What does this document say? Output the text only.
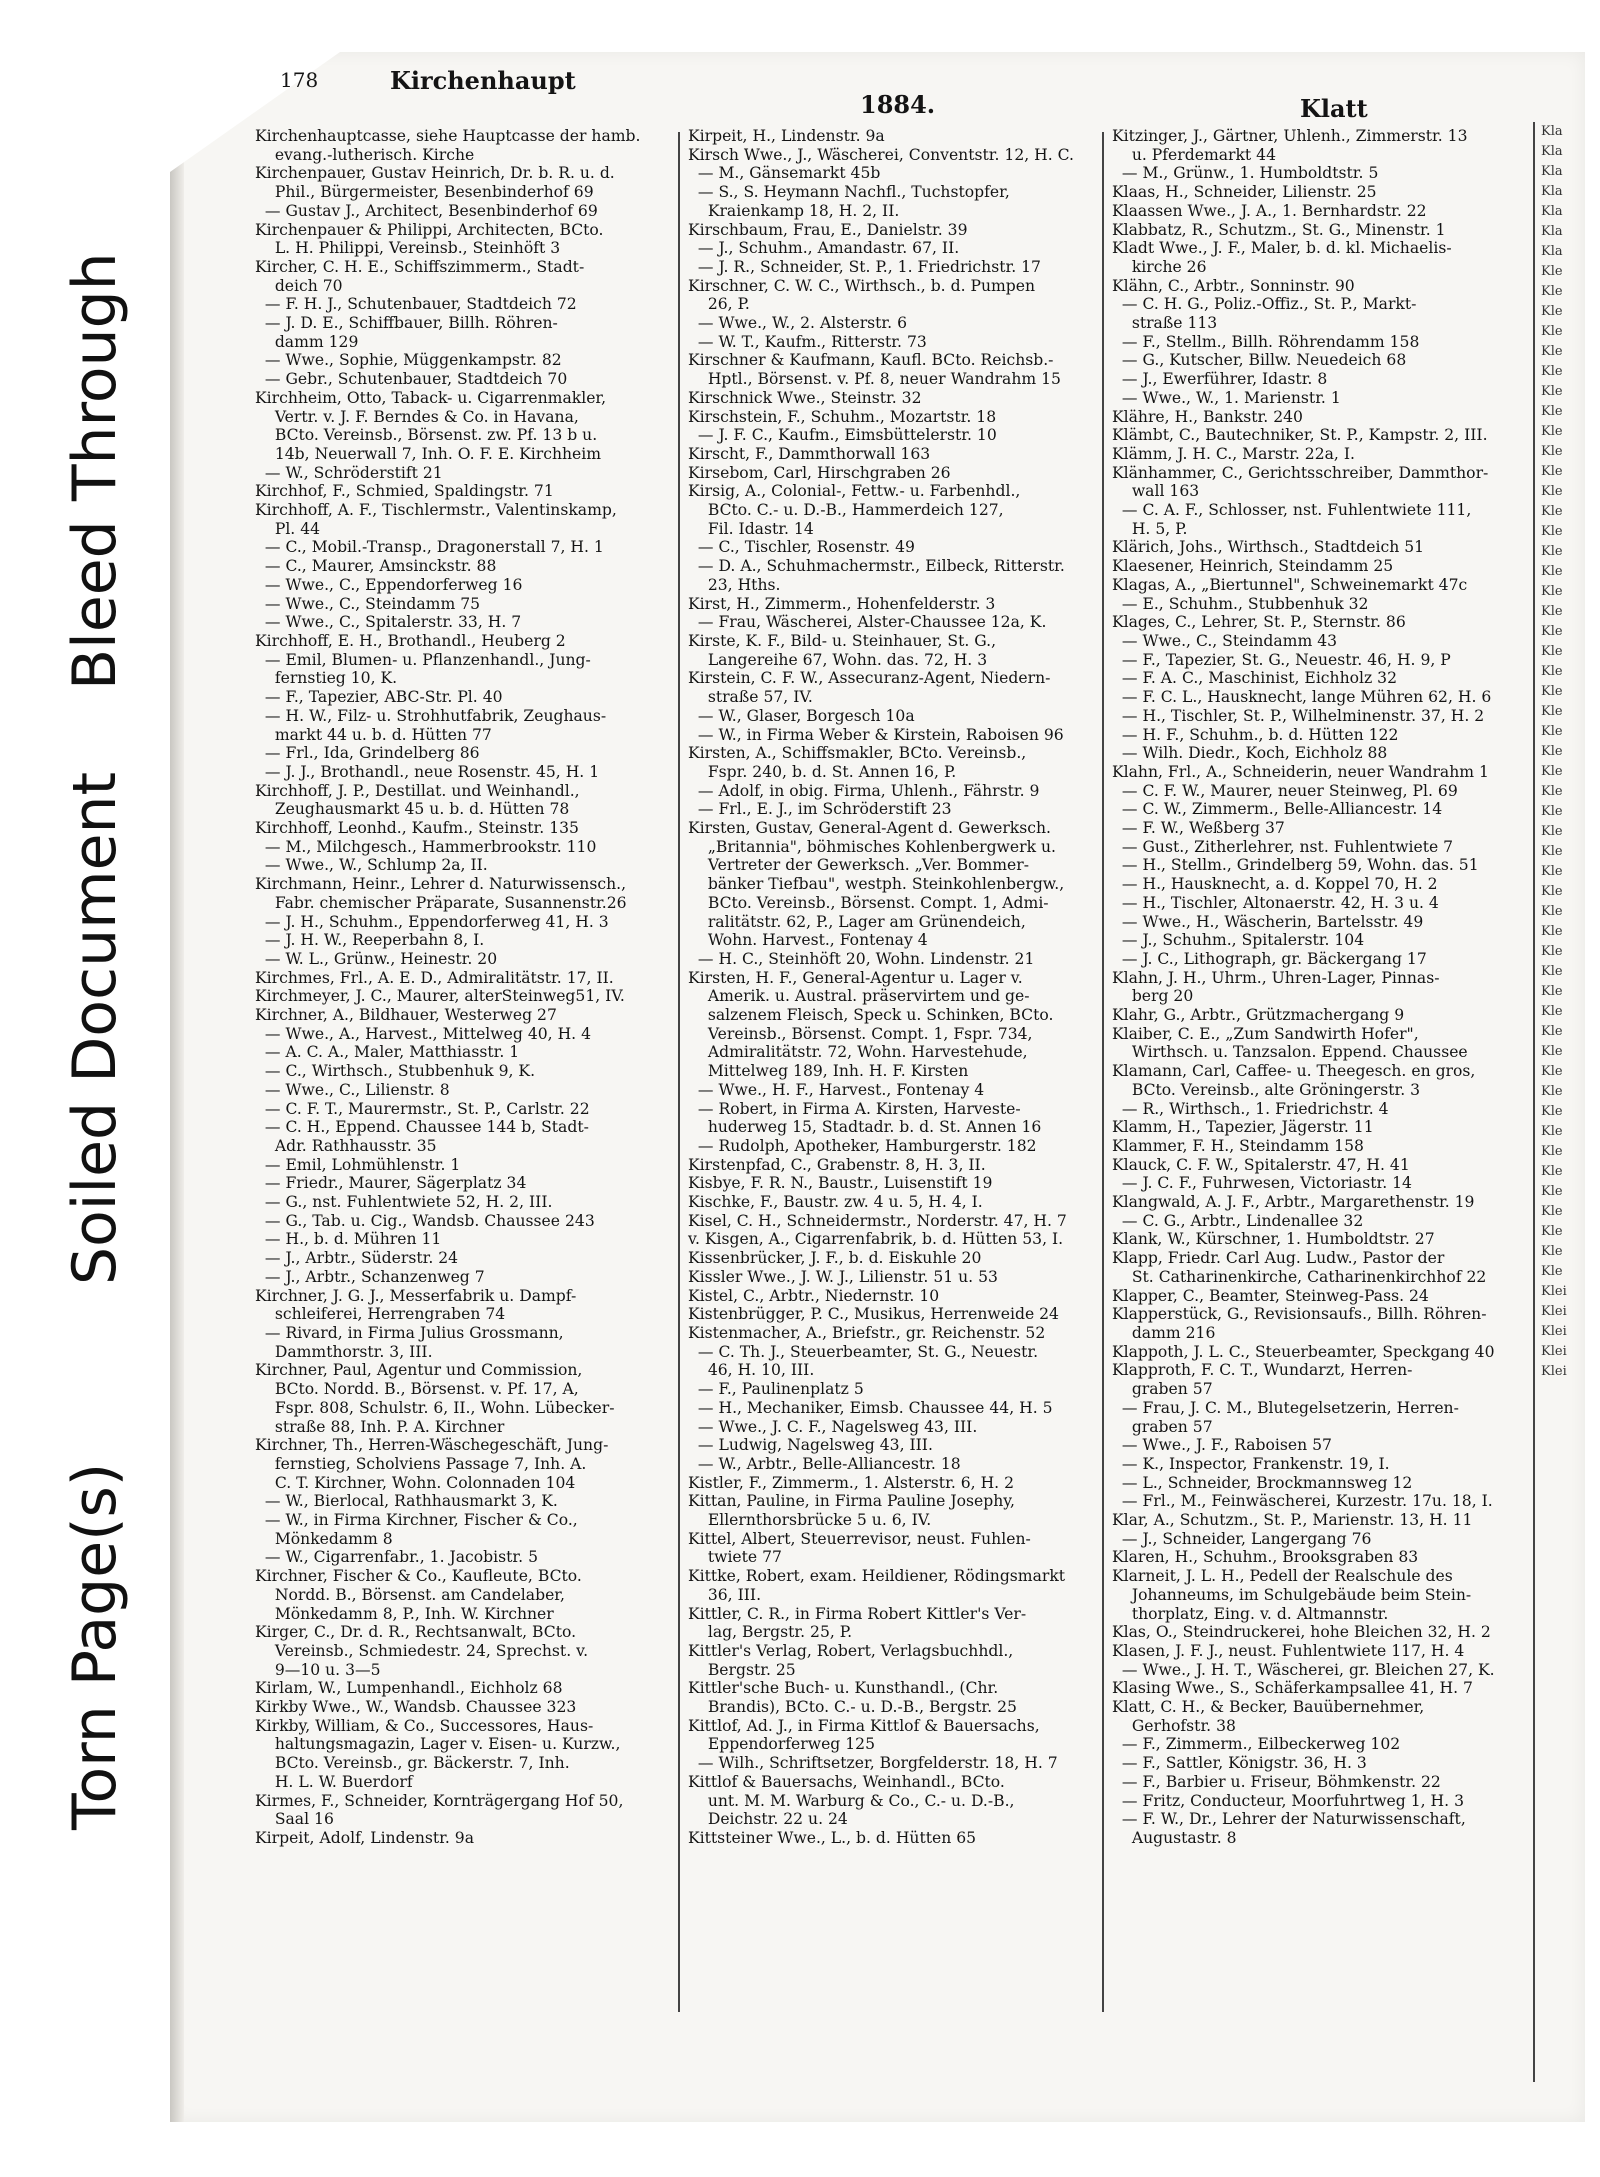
Torn Page(s)
Soiled Document
Bleed Through
178	Kirchenhaupt
1884.	Klatt

Kirchenhauptcasse, siehe Hauptcasse der hamb.

evang.-lutherisch. Kirche

Kirchenpauer, Gustav Heinrich, Dr. b. R. u. d.

Phil., Bürgermeister, Besenbinderhof 69

— Gustav J., Architect, Besenbinderhof 69

Kirchenpauer & Philippi, Architecten, BCto.

L. H. Philippi, Vereinsb., Steinhöft 3

Kircher, C. H. E., Schiffszimmerm., Stadt-

deich 70

— F. H. J., Schutenbauer, Stadtdeich 72

— J. D. E., Schiffbauer, Billh. Röhren-

damm 129

— Wwe., Sophie, Müggenkampstr. 82

— Gebr., Schutenbauer, Stadtdeich 70

Kirchheim, Otto, Taback- u. Cigarrenmakler,

Vertr. v. J. F. Berndes & Co. in Havana,

BCto. Vereinsb., Börsenst. zw. Pf. 13 b u.

14b, Neuerwall 7, Inh. O. F. E. Kirchheim

— W., Schröderstift 21

Kirchhof, F., Schmied, Spaldingstr. 71

Kirchhoff, A. F., Tischlermstr., Valentinskamp,

Pl. 44

— C., Mobil.-Transp., Dragonerstall 7, H. 1

— C., Maurer, Amsinckstr. 88

— Wwe., C., Eppendorferweg 16

— Wwe., C., Steindamm 75

— Wwe., C., Spitalerstr. 33, H. 7

Kirchhoff, E. H., Brothandl., Heuberg 2

— Emil, Blumen- u. Pflanzenhandl., Jung-

fernstieg 10, K.

— F., Tapezier, ABC-Str. Pl. 40

— H. W., Filz- u. Strohhutfabrik, Zeughaus-

markt 44 u. b. d. Hütten 77

— Frl., Ida, Grindelberg 86

— J. J., Brothandl., neue Rosenstr. 45, H. 1

Kirchhoff, J. P., Destillat. und Weinhandl.,

Zeughausmarkt 45 u. b. d. Hütten 78

Kirchhoff, Leonhd., Kaufm., Steinstr. 135

— M., Milchgesch., Hammerbrookstr. 110

— Wwe., W., Schlump 2a, II.

Kirchmann, Heinr., Lehrer d. Naturwissensch.,

Fabr. chemischer Präparate, Susannenstr.26

— J. H., Schuhm., Eppendorferweg 41, H. 3

— J. H. W., Reeperbahn 8, I.

— W. L., Grünw., Heinestr. 20

Kirchmes, Frl., A. E. D., Admiralitätstr. 17, II.

Kirchmeyer, J. C., Maurer, alterSteinweg51, IV.

Kirchner, A., Bildhauer, Westerweg 27

— Wwe., A., Harvest., Mittelweg 40, H. 4

— A. C. A., Maler, Matthiasstr. 1

— C., Wirthsch., Stubbenhuk 9, K.

— Wwe., C., Lilienstr. 8

— C. F. T., Maurermstr., St. P., Carlstr. 22

— C. H., Eppend. Chaussee 144 b, Stadt-

Adr. Rathhausstr. 35

— Emil, Lohmühlenstr. 1

— Friedr., Maurer, Sägerplatz 34

— G., nst. Fuhlentwiete 52, H. 2, III.

— G., Tab. u. Cig., Wandsb. Chaussee 243

— H., b. d. Mühren 11

— J., Arbtr., Süderstr. 24

— J., Arbtr., Schanzenweg 7

Kirchner, J. G. J., Messerfabrik u. Dampf-

schleiferei, Herrengraben 74

— Rivard, in Firma Julius Grossmann,

Dammthorstr. 3, III.

Kirchner, Paul, Agentur und Commission,

BCto. Nordd. B., Börsenst. v. Pf. 17, A,

Fspr. 808, Schulstr. 6, II., Wohn. Lübecker-

straße 88, Inh. P. A. Kirchner

Kirchner, Th., Herren-Wäschegeschäft, Jung-

fernstieg, Scholviens Passage 7, Inh. A.

C. T. Kirchner, Wohn. Colonnaden 104

— W., Bierlocal, Rathhausmarkt 3, K.

— W., in Firma Kirchner, Fischer & Co.,

Mönkedamm 8

— W., Cigarrenfabr., 1. Jacobistr. 5

Kirchner, Fischer & Co., Kaufleute, BCto.

Nordd. B., Börsenst. am Candelaber,

Mönkedamm 8, P., Inh. W. Kirchner

Kirger, C., Dr. d. R., Rechtsanwalt, BCto.

Vereinsb., Schmiedestr. 24, Sprechst. v.

9—10 u. 3—5

Kirlam, W., Lumpenhandl., Eichholz 68

Kirkby Wwe., W., Wandsb. Chaussee 323

Kirkby, William, & Co., Successores, Haus-

haltungsmagazin, Lager v. Eisen- u. Kurzw.,

BCto. Vereinsb., gr. Bäckerstr. 7, Inh.

H. L. W. Buerdorf

Kirmes, F., Schneider, Kornträgergang Hof 50,

Saal 16

Kirpeit, Adolf, Lindenstr. 9a

Kirpeit, H., Lindenstr. 9a

Kirsch Wwe., J., Wäscherei, Conventstr. 12, H. C.

— M., Gänsemarkt 45b

— S., S. Heymann Nachfl., Tuchstopfer,

Kraienkamp 18, H. 2, II.

Kirschbaum, Frau, E., Danielstr. 39

— J., Schuhm., Amandastr. 67, II.

— J. R., Schneider, St. P., 1. Friedrichstr. 17

Kirschner, C. W. C., Wirthsch., b. d. Pumpen

26, P.

— Wwe., W., 2. Alsterstr. 6

— W. T., Kaufm., Ritterstr. 73

Kirschner & Kaufmann, Kaufl. BCto. Reichsb.-

Hptl., Börsenst. v. Pf. 8, neuer Wandrahm 15

Kirschnick Wwe., Steinstr. 32

Kirschstein, F., Schuhm., Mozartstr. 18

— J. F. C., Kaufm., Eimsbüttelerstr. 10

Kirscht, F., Dammthorwall 163

Kirsebom, Carl, Hirschgraben 26

Kirsig, A., Colonial-, Fettw.- u. Farbenhdl.,

BCto. C.- u. D.-B., Hammerdeich 127,

Fil. Idastr. 14

— C., Tischler, Rosenstr. 49

— D. A., Schuhmachermstr., Eilbeck, Ritterstr.

23, Hths.

Kirst, H., Zimmerm., Hohenfelderstr. 3

— Frau, Wäscherei, Alster-Chaussee 12a, K.

Kirste, K. F., Bild- u. Steinhauer, St. G.,

Langereihe 67, Wohn. das. 72, H. 3

Kirstein, C. F. W., Assecuranz-Agent, Niedern-

straße 57, IV.

— W., Glaser, Borgesch 10a

— W., in Firma Weber & Kirstein, Raboisen 96

Kirsten, A., Schiffsmakler, BCto. Vereinsb.,

Fspr. 240, b. d. St. Annen 16, P.

— Adolf, in obig. Firma, Uhlenh., Fährstr. 9

— Frl., E. J., im Schröderstift 23

Kirsten, Gustav, General-Agent d. Gewerksch.

„Britannia", böhmisches Kohlenbergwerk u.

Vertreter der Gewerksch. „Ver. Bommer-

bänker Tiefbau", westph. Steinkohlenbergw.,

BCto. Vereinsb., Börsenst. Compt. 1, Admi-

ralitätstr. 62, P., Lager am Grünendeich,

Wohn. Harvest., Fontenay 4

— H. C., Steinhöft 20, Wohn. Lindenstr. 21

Kirsten, H. F., General-Agentur u. Lager v.

Amerik. u. Austral. präservirtem und ge-

salzenem Fleisch, Speck u. Schinken, BCto.

Vereinsb., Börsenst. Compt. 1, Fspr. 734,

Admiralitätstr. 72, Wohn. Harvestehude,

Mittelweg 189, Inh. H. F. Kirsten

— Wwe., H. F., Harvest., Fontenay 4

— Robert, in Firma A. Kirsten, Harveste-

huderweg 15, Stadtadr. b. d. St. Annen 16

— Rudolph, Apotheker, Hamburgerstr. 182

Kirstenpfad, C., Grabenstr. 8, H. 3, II.

Kisbye, F. R. N., Baustr., Luisenstift 19

Kischke, F., Baustr. zw. 4 u. 5, H. 4, I.

Kisel, C. H., Schneidermstr., Norderstr. 47, H. 7

v. Kisgen, A., Cigarrenfabrik, b. d. Hütten 53, I.

Kissenbrücker, J. F., b. d. Eiskuhle 20

Kissler Wwe., J. W. J., Lilienstr. 51 u. 53

Kistel, C., Arbtr., Niedernstr. 10

Kistenbrügger, P. C., Musikus, Herrenweide 24

Kistenmacher, A., Briefstr., gr. Reichenstr. 52

— C. Th. J., Steuerbeamter, St. G., Neuestr.

46, H. 10, III.

— F., Paulinenplatz 5

— H., Mechaniker, Eimsb. Chaussee 44, H. 5

— Wwe., J. C. F., Nagelsweg 43, III.

— Ludwig, Nagelsweg 43, III.

— W., Arbtr., Belle-Alliancestr. 18

Kistler, F., Zimmerm., 1. Alsterstr. 6, H. 2

Kittan, Pauline, in Firma Pauline Josephy,

Ellernthorsbrücke 5 u. 6, IV.

Kittel, Albert, Steuerrevisor, neust. Fuhlen-

twiete 77

Kittke, Robert, exam. Heildiener, Rödingsmarkt

36, III.

Kittler, C. R., in Firma Robert Kittler's Ver-

lag, Bergstr. 25, P.

Kittler's Verlag, Robert, Verlagsbuchhdl.,

Bergstr. 25

Kittler'sche Buch- u. Kunsthandl., (Chr.

Brandis), BCto. C.- u. D.-B., Bergstr. 25

Kittlof, Ad. J., in Firma Kittlof & Bauersachs,

Eppendorferweg 125

— Wilh., Schriftsetzer, Borgfelderstr. 18, H. 7

Kittlof & Bauersachs, Weinhandl., BCto.

unt. M. M. Warburg & Co., C.- u. D.-B.,

Deichstr. 22 u. 24

Kittsteiner Wwe., L., b. d. Hütten 65

Kitzinger, J., Gärtner, Uhlenh., Zimmerstr. 13

u. Pferdemarkt 44

— M., Grünw., 1. Humboldtstr. 5

Klaas, H., Schneider, Lilienstr. 25

Klaassen Wwe., J. A., 1. Bernhardstr. 22

Klabbatz, R., Schutzm., St. G., Minenstr. 1

Kladt Wwe., J. F., Maler, b. d. kl. Michaelis-

kirche 26

Klähn, C., Arbtr., Sonninstr. 90

— C. H. G., Poliz.-Offiz., St. P., Markt-

straße 113

— F., Stellm., Billh. Röhrendamm 158

— G., Kutscher, Billw. Neuedeich 68

— J., Ewerführer, Idastr. 8

— Wwe., W., 1. Marienstr. 1

Klähre, H., Bankstr. 240

Klämbt, C., Bautechniker, St. P., Kampstr. 2, III.

Klämm, J. H. C., Marstr. 22a, I.

Klänhammer, C., Gerichtsschreiber, Dammthor-

wall 163

— C. A. F., Schlosser, nst. Fuhlentwiete 111,

H. 5, P.

Klärich, Johs., Wirthsch., Stadtdeich 51

Klaesener, Heinrich, Steindamm 25

Klagas, A., „Biertunnel", Schweinemarkt 47c

— E., Schuhm., Stubbenhuk 32

Klages, C., Lehrer, St. P., Sternstr. 86

— Wwe., C., Steindamm 43

— F., Tapezier, St. G., Neuestr. 46, H. 9, P

— F. A. C., Maschinist, Eichholz 32

— F. C. L., Hausknecht, lange Mühren 62, H. 6

— H., Tischler, St. P., Wilhelminenstr. 37, H. 2

— H. F., Schuhm., b. d. Hütten 122

— Wilh. Diedr., Koch, Eichholz 88

Klahn, Frl., A., Schneiderin, neuer Wandrahm 1

— C. F. W., Maurer, neuer Steinweg, Pl. 69

— C. W., Zimmerm., Belle-Alliancestr. 14

— F. W., Weßberg 37

— Gust., Zitherlehrer, nst. Fuhlentwiete 7

— H., Stellm., Grindelberg 59, Wohn. das. 51

— H., Hausknecht, a. d. Koppel 70, H. 2

— H., Tischler, Altonaerstr. 42, H. 3 u. 4

— Wwe., H., Wäscherin, Bartelsstr. 49

— J., Schuhm., Spitalerstr. 104

— J. C., Lithograph, gr. Bäckergang 17

Klahn, J. H., Uhrm., Uhren-Lager, Pinnas-

berg 20

Klahr, G., Arbtr., Grützmachergang 9

Klaiber, C. E., „Zum Sandwirth Hofer",

Wirthsch. u. Tanzsalon. Eppend. Chaussee

Klamann, Carl, Caffee- u. Theegesch. en gros,

BCto. Vereinsb., alte Gröningerstr. 3

— R., Wirthsch., 1. Friedrichstr. 4

Klamm, H., Tapezier, Jägerstr. 11

Klammer, F. H., Steindamm 158

Klauck, C. F. W., Spitalerstr. 47, H. 41

— J. C. F., Fuhrwesen, Victoriastr. 14

Klangwald, A. J. F., Arbtr., Margarethenstr. 19

— C. G., Arbtr., Lindenallee 32

Klank, W., Kürschner, 1. Humboldtstr. 27

Klapp, Friedr. Carl Aug. Ludw., Pastor der

St. Catharinenkirche, Catharinenkirchhof 22

Klapper, C., Beamter, Steinweg-Pass. 24

Klapperstück, G., Revisionsaufs., Billh. Röhren-

damm 216

Klappoth, J. L. C., Steuerbeamter, Speckgang 40

Klapproth, F. C. T., Wundarzt, Herren-

graben 57

— Frau, J. C. M., Blutegelsetzerin, Herren-

graben 57

— Wwe., J. F., Raboisen 57

— K., Inspector, Frankenstr. 19, I.

— L., Schneider, Brockmannsweg 12

— Frl., M., Feinwäscherei, Kurzestr. 17u. 18, I.

Klar, A., Schutzm., St. P., Marienstr. 13, H. 11

— J., Schneider, Langergang 76

Klaren, H., Schuhm., Brooksgraben 83

Klarneit, J. L. H., Pedell der Realschule des

Johanneums, im Schulgebäude beim Stein-

thorplatz, Eing. v. d. Altmannstr.

Klas, O., Steindruckerei, hohe Bleichen 32, H. 2

Klasen, J. F. J., neust. Fuhlentwiete 117, H. 4

— Wwe., J. H. T., Wäscherei, gr. Bleichen 27, K.

Klasing Wwe., S., Schäferkampsallee 41, H. 7

Klatt, C. H., & Becker, Bauübernehmer,

Gerhofstr. 38

— F., Zimmerm., Eilbeckerweg 102

— F., Sattler, Königstr. 36, H. 3

— F., Barbier u. Friseur, Böhmkenstr. 22

— Fritz, Conducteur, Moorfuhrtweg 1, H. 3

— F. W., Dr., Lehrer der Naturwissenschaft,

Augustastr. 8

Kla
Kla
Kla
Kla
Kla
Kla
Kla
Kle
Kle
Kle
Kle
Kle
Kle
Kle
Kle
Kle
Kle
Kle
Kle
Kle
Kle
Kle
Kle
Kle
Kle
Kle
Kle
Kle
Kle
Kle
Kle
Kle
Kle
Kle
Kle
Kle
Kle
Kle
Kle
Kle
Kle
Kle
Kle
Kle
Kle
Kle
Kle
Kle
Kle
Kle
Kle
Kle
Kle
Kle
Kle
Kle
Kle
Kle
Klei
Klei
Klei
Klei
Klei
